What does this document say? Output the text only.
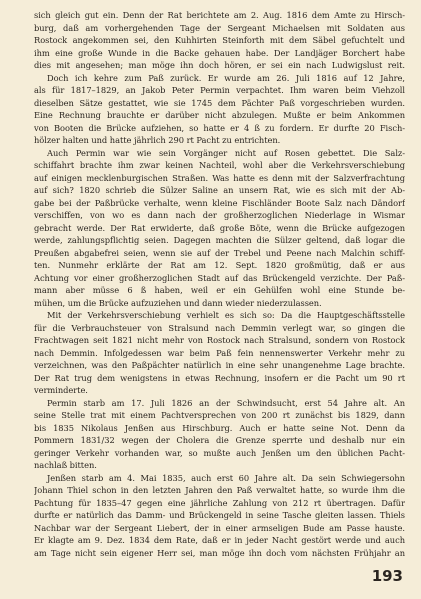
sich gleich gut ein. Denn der Rat berichtete am 2. Aug. 1816 dem Amte zu Hirsch-
burg, daß am vorhergehenden Tage der Sergeant Michaelsen mit Soldaten aus
Rostock angekommen sei, den Kuhhirten Steinforth mit dem Säbel gefuchtelt und
ihm eine große Wunde in die Backe gehauen habe. Der Landjäger Borchert habe
dies mit angesehen; man möge ihn doch hören, er sei ein nach Ludwigslust reit.
Doch ich kehre zum Paß zurück. Er wurde am 26. Juli 1816 auf 12 Jahre,
als für 1817–1829, an Jakob Peter Permin verpachtet. Ihm waren beim Viehzoll
dieselben Sätze gestattet, wie sie 1745 dem Pächter Paß vorgeschrieben wurden.
Eine Rechnung brauchte er darüber nicht abzulegen. Mußte er beim Ankommen
von Booten die Brücke aufziehen, so hatte er 4 ß zu fordern. Er durfte 20 Fisch-
hölzer halten und hatte jährlich 290 rt Pacht zu entrichten.
Auch Permin war wie sein Vorgänger nicht auf Rosen gebettet. Die Salz-
schiffahrt brachte ihm zwar keinen Nachteil, wohl aber die Verkehrsverschiebung
auf einigen mecklenburgischen Straßen. Was hatte es denn mit der Salzverfrachtung
auf sich? 1820 schrieb die Sülzer Saline an unsern Rat, wie es sich mit der Ab-
gabe bei der Paßbrücke verhalte, wenn kleine Fischländer Boote Salz nach Dändorf
verschiffen, von wo es dann nach der großherzoglichen Niederlage in Wismar
gebracht werde. Der Rat erwiderte, daß große Böte, wenn die Brücke aufgezogen
werde, zahlungspflichtig seien. Dagegen machten die Sülzer geltend, daß logar die
Preußen abgabefrei seien, wenn sie auf der Trebel und Peene nach Malchin schiff-
ten. Nunmehr erklärte der Rat am 12. Sept. 1820 großmütig, daß er aus
Achtung vor einer großherzoglichen Stadt auf das Brückengeld verzichte. Der Paß-
mann aber müsse 6 ß haben, weil er ein Gehülfen wohl eine Stunde be-
mühen, um die Brücke aufzuziehen und dann wieder niederzulassen.
Mit der Verkehrsverschiebung verhielt es sich so: Da die Hauptgeschäftsstelle
für die Verbrauchsteuer von Stralsund nach Demmin verlegt war, so gingen die
Frachtwagen seit 1821 nicht mehr von Rostock nach Stralsund, sondern von Rostock
nach Demmin. Infolgedessen war beim Paß fein nennenswerter Verkehr mehr zu
verzeichnen, was den Paßpächter natürlich in eine sehr unangenehme Lage brachte.
Der Rat trug dem wenigstens in etwas Rechnung, insofern er die Pacht um 90 rt
verminderte.
Permin starb am 17. Juli 1826 an der Schwindsucht, erst 54 Jahre alt. An
seine Stelle trat mit einem Pachtversprechen von 200 rt zunächst bis 1829, dann
bis 1835 Nikolaus Jenßen aus Hirschburg. Auch er hatte seine Not. Denn da
Pommern 1831/32 wegen der Cholera die Grenze sperrte und deshalb nur ein
geringer Verkehr vorhanden war, so mußte auch Jenßen um den üblichen Pacht-
nachlaß bitten.
Jenßen starb am 4. Mai 1835, auch erst 60 Jahre alt. Da sein Schwiegersohn
Johann Thiel schon in den letzten Jahren den Paß verwaltet hatte, so wurde ihm die
Pachtung für 1835–47 gegen eine jährliche Zahlung von 212 rt übertragen. Dafür
durfte er natürlich das Damm- und Brückengeld in seine Tasche gleiten lassen. Thiels
Nachbar war der Sergeant Liebert, der in einer armseligen Bude am Passe hauste.
Er klagte am 9. Dez. 1834 dem Rate, daß er in jeder Nacht gestört werde und auch
am Tage nicht sein eigener Herr sei, man möge ihn doch vom nächsten Frühjahr an
193
